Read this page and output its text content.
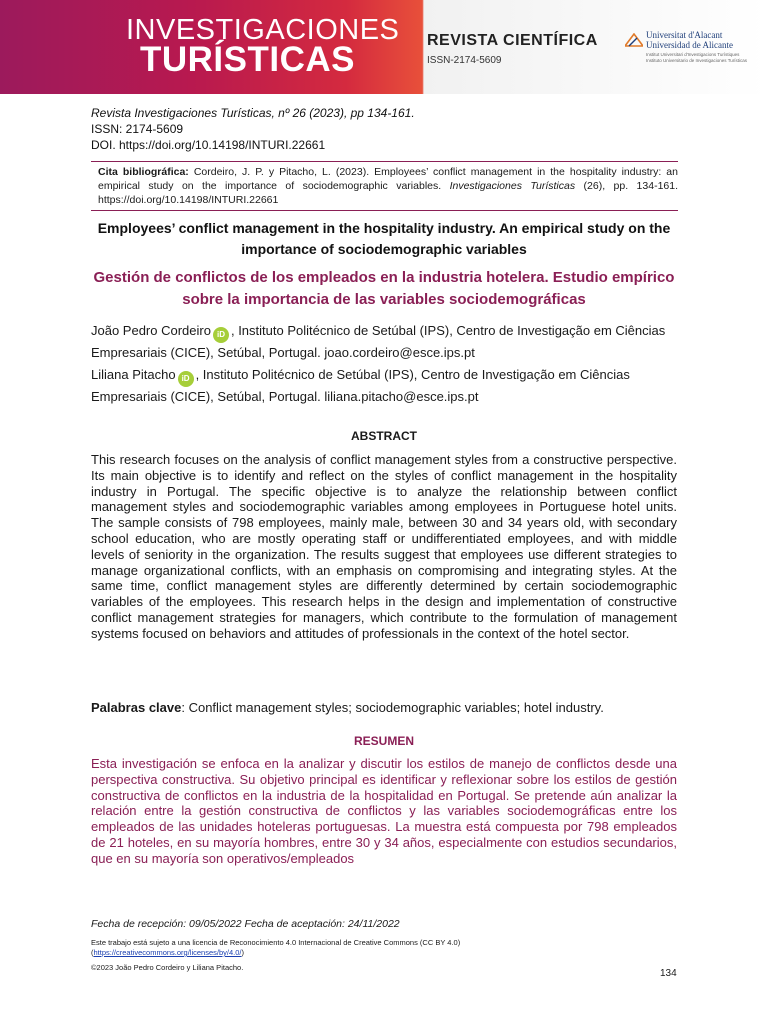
INVESTIGACIONES
TURÍSTICAS	REVISTA CIENTÍFICA
ISSN-2174-5609
Universitat d'Alacant
Universidad de Alicante
Institut Universitari d'Investigacions Turístiques
Instituto Universitario de Investigaciones Turísticas
Revista Investigaciones Turísticas, nº 26 (2023), pp 134-161.
ISSN: 2174-5609
DOI. https://doi.org/10.14198/INTURI.22661
Cita bibliográfica: Cordeiro, J. P. y Pitacho, L. (2023). Employees’ conflict management in the hospitality industry: an empirical study on the importance of sociodemographic variables. Investigaciones Turísticas (26), pp. 134-161. https://doi.org/10.14198/INTURI.22661
Employees’ conflict management in the hospitality industry. An empirical study on the importance of sociodemographic variables
Gestión de conflictos de los empleados en la industria hotelera. Estudio empírico sobre la importancia de las variables sociodemográficas
João Pedro Cordeiro iD , Instituto Politécnico de Setúbal (IPS), Centro de Investigação em Ciências Empresariais (CICE), Setúbal, Portugal. joao.cordeiro@esce.ips.pt
Liliana Pitacho iD , Instituto Politécnico de Setúbal (IPS), Centro de Investigação em Ciências Empresariais (CICE), Setúbal, Portugal. liliana.pitacho@esce.ips.pt
ABSTRACT
This research focuses on the analysis of conflict management styles from a constructive perspective. Its main objective is to identify and reflect on the styles of conflict management in the hospitality industry in Portugal. The specific objective is to analyze the relationship between conflict management styles and sociodemographic variables among employees in Portuguese hotel units. The sample consists of 798 employees, mainly male, between 30 and 34 years old, with secondary school education, who are mostly operating staff or undifferentiated employees, and with middle levels of seniority in the organization. The results suggest that employees use different strategies to manage organizational conflicts, with an emphasis on compromising and integrating styles. At the same time, conflict management styles are differently determined by certain sociodemographic variables of the employees. This research helps in the design and implementation of constructive conflict management strategies for managers, which contribute to the formulation of management systems focused on behaviors and attitudes of professionals in the context of the hotel sector.
Palabras clave: Conflict management styles; sociodemographic variables; hotel industry.
RESUMEN
Esta investigación se enfoca en la analizar y discutir los estilos de manejo de conflictos desde una perspectiva constructiva. Su objetivo principal es identificar y reflexionar sobre los estilos de gestión constructiva de conflictos en la industria de la hospitalidad en Portugal. Se pretende aún analizar la relación entre la gestión constructiva de conflictos y las variables sociodemográficas entre los empleados de las unidades hoteleras portuguesas. La muestra está compuesta por 798 empleados de 21 hoteles, en su mayoría hombres, entre 30 y 34 años, especialmente con estudios secundarios, que en su mayoría son operativos/empleados
Fecha de recepción: 09/05/2022 Fecha de aceptación: 24/11/2022
Este trabajo está sujeto a una licencia de Reconocimiento 4.0 Internacional de Creative Commons (CC BY 4.0)
(https://creativecommons.org/licenses/by/4.0/)
©2023 João Pedro Cordeiro y Liliana Pitacho.
134
